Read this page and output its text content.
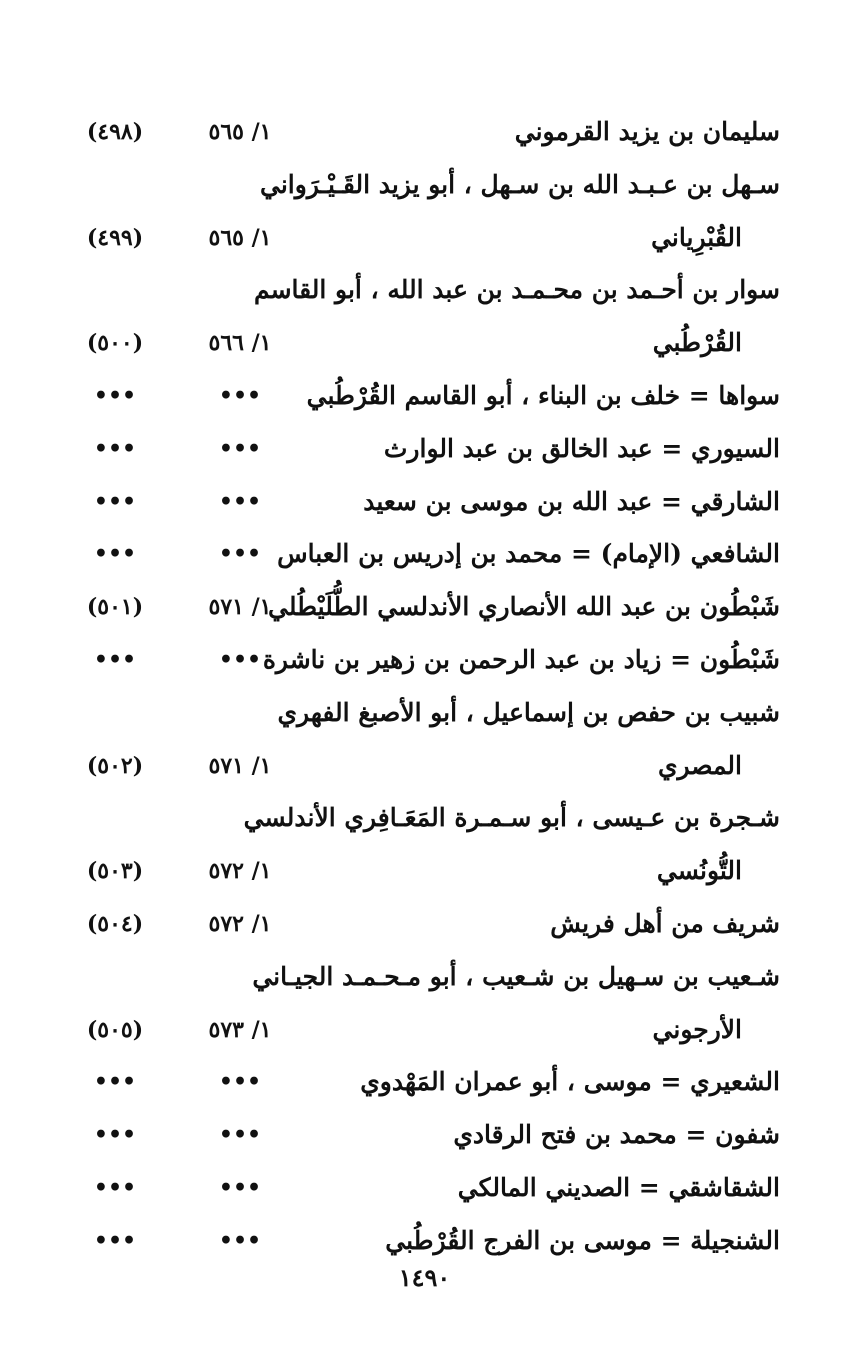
سليمان بن يزيد القرموني
١/ ٥٦٥
(٤٩٨)
سـهل بن عـبـد الله بن سـهل ، أبو يزيد القَـيْـرَواني
القُبْرِياني
١/ ٥٦٥
(٤٩٩)
سوار بن أحـمد بن محـمـد بن عبد الله ، أبو القاسم
القُرْطُبي
١/ ٥٦٦
(٥٠٠)
سواها = خلف بن البناء ، أبو القاسم القُرْطُبي
•••
•••
السيوري = عبد الخالق بن عبد الوارث
•••
•••
الشارقي = عبد الله بن موسى بن سعيد
•••
•••
الشافعي (الإمام) = محمد بن إدريس بن العباس
•••
•••
شَبْطُون بن عبد الله الأنصاري الأندلسي الطُّلَيْطُلي
١/ ٥٧١
(٥٠١)
شَبْطُون = زياد بن عبد الرحمن بن زهير بن ناشرة
•••
•••
شبيب بن حفص بن إسماعيل ، أبو الأصبغ الفهري
المصري
١/ ٥٧١
(٥٠٢)
شـجرة بن عـيسى ، أبو سـمـرة المَعَـافِري الأندلسي
التُّونُسي
١/ ٥٧٢
(٥٠٣)
شريف من أهل فريش
١/ ٥٧٢
(٥٠٤)
شـعيب بن سـهيل بن شـعيب ، أبو مـحـمـد الجيـاني
الأرجوني
١/ ٥٧٣
(٥٠٥)
الشعيري = موسى ، أبو عمران المَهْدوي
•••
•••
شفون = محمد بن فتح الرقادي
•••
•••
الشقاشقي = الصديني المالكي
•••
•••
الشنجيلة = موسى بن الفرج القُرْطُبي
•••
•••
١٤٩٠
